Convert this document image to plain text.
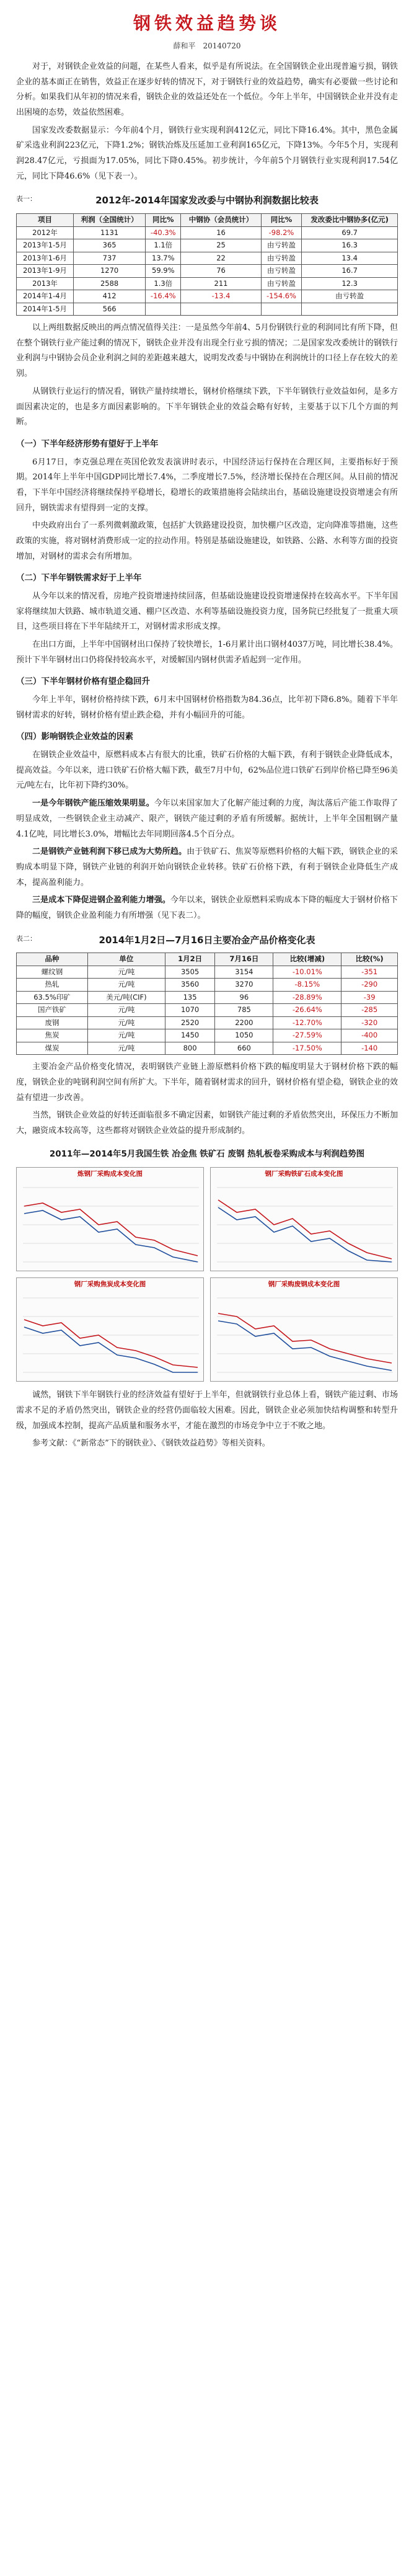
钢铁效益趋势谈
薛和平　20140720

对于，对钢铁企业效益的问题，在某些人看来，似乎是有所说法。在全国钢铁企业出现普遍亏损，钢铁企业的基本面正在销售，效益正在逐步好转的情况下，对于钢铁行业的效益趋势，确实有必要做一些讨论和分析。如果我们从年初的情况来看，钢铁企业的效益还处在一个低位。今年上半年，中国钢铁企业并没有走出困境的态势，效益依然困难。

国家发改委数据显示：今年前4个月，钢铁行业实现利润412亿元，同比下降16.4%。其中，黑色金属矿采选业利润223亿元，下降1.2%；钢铁冶炼及压延加工业利润165亿元，下降13%。今年5个月，实现利润28.47亿元，亏损面为17.05%，同比下降0.45%。初步统计，今年前5个月钢铁行业实现利润17.54亿元，同比下降46.6%（见下表一）。

表一：	2012年-2014年国家发改委与中钢协利润数据比较表
项目	利润（全国统计）	同比%	中钢协（会员统计）	同比%	发改委比中钢协多(亿元)
2012年	1131	-40.3%	16	-98.2%	69.7
2013年1-5月	365	1.1倍	25	由亏转盈	16.3
2013年1-6月	737	13.7%	22	由亏转盈	13.4
2013年1-9月	1270	59.9%	76	由亏转盈	16.7
2013年	2588	1.3倍	211	由亏转盈	12.3
2014年1-4月	412	-16.4%	-13.4	-154.6%	由亏转盈
2014年1-5月	566				

以上两组数据反映出的两点情况值得关注：一是虽然今年前4、5月份钢铁行业的利润同比有所下降，但在整个钢铁行业产能过剩的情况下，钢铁企业并没有出现全行业亏损的情况；二是国家发改委统计的钢铁行业利润与中钢协会员企业利润之间的差距越来越大，说明发改委与中钢协在利润统计的口径上存在较大的差别。

从钢铁行业运行的情况看，钢铁产量持续增长，钢材价格继续下跌，下半年钢铁行业效益如何，是多方面因素决定的，也是多方面因素影响的。下半年钢铁企业的效益会略有好转，主要基于以下几个方面的判断。

（一）下半年经济形势有望好于上半年

6月17日，李克强总理在英国伦敦发表演讲时表示，中国经济运行保持在合理区间，主要指标好于预期。2014年上半年中国GDP同比增长7.4%，二季度增长7.5%，经济增长保持在合理区间。从目前的情况看，下半年中国经济将继续保持平稳增长，稳增长的政策措施将会陆续出台，基础设施建设投资增速会有所回升，钢铁需求有望得到一定的支撑。

中央政府出台了一系列微刺激政策，包括扩大铁路建设投资，加快棚户区改造，定向降准等措施，这些政策的实施，将对钢材消费形成一定的拉动作用。特别是基础设施建设，如铁路、公路、水利等方面的投资增加，对钢材的需求会有所增加。

（二）下半年钢铁需求好于上半年

从今年以来的情况看，房地产投资增速持续回落，但基础设施建设投资增速保持在较高水平。下半年国家将继续加大铁路、城市轨道交通、棚户区改造、水利等基础设施投资力度，国务院已经批复了一批重大项目，这些项目将在下半年陆续开工，对钢材需求形成支撑。

在出口方面，上半年中国钢材出口保持了较快增长，1-6月累计出口钢材4037万吨，同比增长38.4%。预计下半年钢材出口仍将保持较高水平，对缓解国内钢材供需矛盾起到一定作用。

（三）下半年钢材价格有望企稳回升

今年上半年，钢材价格持续下跌，6月末中国钢材价格指数为84.36点，比年初下降6.8%。随着下半年钢材需求的好转，钢材价格有望止跌企稳，并有小幅回升的可能。

（四）影响钢铁企业效益的因素

在钢铁企业效益中，原燃料成本占有很大的比重，铁矿石价格的大幅下跌，有利于钢铁企业降低成本，提高效益。今年以来，进口铁矿石价格大幅下跌，截至7月中旬，62%品位进口铁矿石到岸价格已降至96美元/吨左右，比年初下降约30%。

一是今年钢铁产能压缩效果明显。今年以来国家加大了化解产能过剩的力度，淘汰落后产能工作取得了明显成效，一些钢铁企业主动减产、限产，钢铁产能过剩的矛盾有所缓解。据统计，上半年全国粗钢产量4.1亿吨，同比增长3.0%，增幅比去年同期回落4.5个百分点。

二是钢铁产业链利润下移已成为大势所趋。由于铁矿石、焦炭等原燃料价格的大幅下跌，钢铁企业的采购成本明显下降，钢铁产业链的利润开始向钢铁企业转移。铁矿石价格下跌，有利于钢铁企业降低生产成本，提高盈利能力。

三是成本下降促进钢企盈利能力增强。今年以来，钢铁企业原燃料采购成本下降的幅度大于钢材价格下降的幅度，钢铁企业盈利能力有所增强（见下表二）。

表二：	2014年1月2日—7月16日主要冶金产品价格变化表
品种	单位	1月2日	7月16日	比较(增减)	比较(%)
螺纹钢	元/吨	3505	3154	-10.01%	-351
热轧	元/吨	3560	3270	-8.15%	-290
63.5%印矿	美元/吨(CIF)	135	96	-28.89%	-39
国产铁矿	元/吨	1070	785	-26.64%	-285
废钢	元/吨	2520	2200	-12.70%	-320
焦炭	元/吨	1450	1050	-27.59%	-400
煤炭	元/吨	800	660	-17.50%	-140

主要冶金产品价格变化情况，表明钢铁产业链上游原燃料价格下跌的幅度明显大于钢材价格下跌的幅度，钢铁企业的吨钢利润空间有所扩大。下半年，随着钢材需求的回升，钢材价格有望企稳，钢铁企业的效益有望进一步改善。

当然，钢铁企业效益的好转还面临很多不确定因素，如钢铁产能过剩的矛盾依然突出，环保压力不断加大，融资成本较高等，这些都将对钢铁企业效益的提升形成制约。

2011年—2014年5月我国生铁 冶金焦 铁矿石 废钢 热轧板卷采购成本与利润趋势图
炼钢厂采购成本变化图	钢厂采购铁矿石成本变化图
钢厂采购焦炭成本变化图	钢厂采购废钢成本变化图

诚然，钢铁下半年钢铁行业的经济效益有望好于上半年，但就钢铁行业总体上看，钢铁产能过剩、市场需求不足的矛盾仍然突出，钢铁企业的经营仍面临较大困难。因此，钢铁企业必须加快结构调整和转型升级，加强成本控制，提高产品质量和服务水平，才能在激烈的市场竞争中立于不败之地。

参考文献：《“新常态”下的钢铁业》、《钢铁效益趋势》等相关资料。
